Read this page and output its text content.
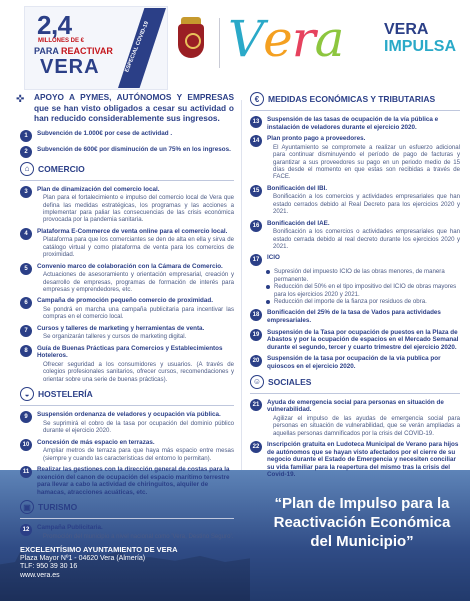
2,4
MILLONES DE €
PARA REACTIVAR
VERA	ESPECIAL COVID-19 Vera	VERA
IMPULSA
✜ APOYO A PYMES, AUTÓNOMOS Y EMPRESAS que se han visto obligados a cesar su actividad o han reducido considerablemente sus ingresos.
1	Subvención de 1.000€ por cese de actividad .
2	Subvención de 600€ por disminución de un 75% en los ingresos.
⌂	COMERCIO
3	Plan de dinamización del comercio local.
Plan para el fortalecimiento e impulso del comercio local de Vera que defina las medidas estratégicas, los programas y las acciones a implementar para paliar las consecuencias de las crisis económica provocada por la pandemia sanitaria.
4	Plataforma E-Commerce de venta online para el comercio local.
Plataforma para que los comerciantes se den de alta en ella y sirva de catálogo virtual y como plataforma de venta para los comercios de proximidad.
5	Convenio marco de colaboración con la Cámara de Comercio.
Actuaciones de asesoramiento y orientación empresarial, creación y desarrollo de empresas, programas de formación de interés para empresas y emprendedores, etc.
6	Campaña de promoción pequeño comercio de proximidad.
Se pondrá en marcha una campaña publicitaria para incentivar las compras en el comercio local.
7	Cursos y talleres de marketing y herramientas de venta.
Se organizarán talleres y cursos de marketing digital.
8	Guía de Buenas Prácticas para Comercios y Establecimientos Hoteleros.
Ofrecer seguridad a los consumidores y usuarios. (A través de colegios profesionales sanitarios, ofrecer cursos, recomendaciones y orientar sobre una serie de buenas prácticas).
◒	HOSTELERÍA
9	Suspensión ordenanza de veladores y ocupación vía pública.
Se suprimirá el cobro de la tasa por ocupación del dominio público durante el ejercicio 2020.
10	Concesión de más espacio en terrazas.
Ampliar metros de terraza para que haya más espacio entre mesas (siempre y cuando las características del entorno lo permitan).
11	Realizar las gestiones con la dirección general de costas para la exención del canon de ocupación del espacio marítimo terrestre para llevar a cabo la actividad de chiringuitos, alquiler de hamacas, atracciones acuáticas, etc.
▣ TURISMO
12	Campaña Publicitaria.
Promoción del municipio a nivel nacional como 'Vera, Destino Seguro'.
€	MEDIDAS ECONÓMICAS Y TRIBUTARIAS
13	Suspensión de las tasas de ocupación de la vía pública e instalación de veladores durante el ejercicio 2020.
14	Plan pronto pago a proveedores.
El Ayuntamiento se compromete a realizar un esfuerzo adicional para continuar disminuyendo el período de pago de facturas y garantizar a sus proveedores su pago en un periodo medio de 15 días desde el momento en que estas son recibidas a través de FACE.
15	Bonificación del IBI.
Bonificación a los comercios y actividades empresariales que han estado cerrados debido al Real Decreto para los ejercicios 2020 y 2021.
16	Bonificación del IAE.
Bonificación a los comercios o actividades empresariales que han estado cerrada debido al real decreto durante los ejercicios 2020 y 2021.
17	ICIO
Supresión del impuesto ICIO de las obras menores, de manera permanente.
Reducción del 50% en el tipo impositivo del ICIO de obras mayores para los ejercicios 2020 y 2021.
Reducción del importe de la fianza por residuos de obra.
18	Bonificación del 25% de la tasa de Vados para actividades empresariales.
19	Suspensión de la Tasa por ocupación de puestos en la Plaza de Abastos y por la ocupación de espacios en el Mercado Semanal durante el segundo, tercer y cuarto trimestre del ejercicio 2020.
20	Suspensión de la tasa por ocupación de la vía publica por quioscos en el ejercicio 2020.
☺ SOCIALES
21	Ayuda de emergencia social para personas en situación de vulnerabilidad.
Agilizar el impulso de las ayudas de emergencia social para personas en situación de vulnerabilidad, que se verán ampliadas a aquellas personas damnificados por la crisis del COVID-19.
22	Inscripción gratuita en Ludoteca Municipal de Verano para hijos de autónomos que se hayan visto afectados por el cierre de su negocio durante el Estado de Emergencia y necesiten conciliar su vida familiar para la reapertura del mismo tras la crisis del Covid-19.
“Plan de Impulso para la Reactivación Económica del Municipio”
EXCELENTÍSIMO AYUNTAMIENTO DE VERA
Plaza Mayor Nº1 - 04620 Vera (Almería)
TLF: 950 39 30 16
www.vera.es
